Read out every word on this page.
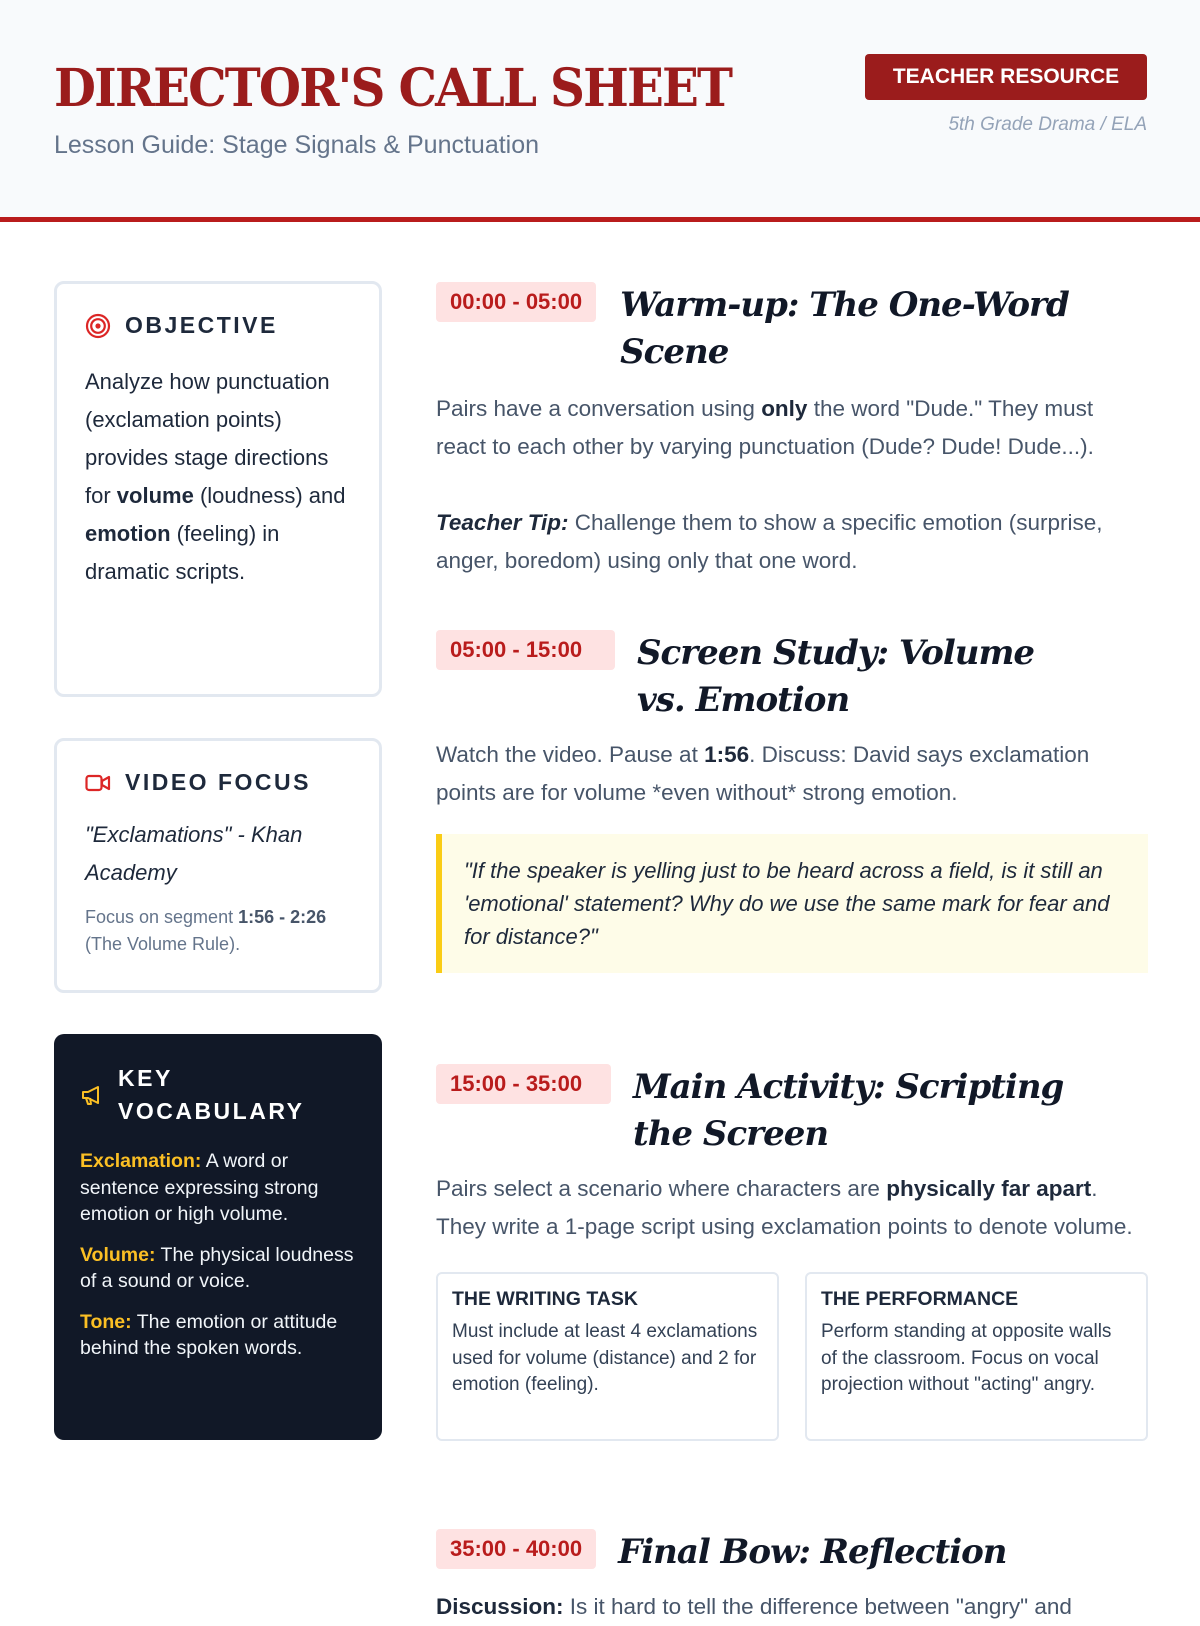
DIRECTOR'S CALL SHEET
Lesson Guide: Stage Signals & Punctuation
TEACHER RESOURCE
5th Grade Drama / ELA
OBJECTIVE
Analyze how punctuation (exclamation points) provides stage directions for volume (loudness) and emotion (feeling) in dramatic scripts.
VIDEO FOCUS
"Exclamations" - Khan Academy
Focus on segment 1:56 - 2:26 (The Volume Rule).
KEY VOCABULARY
Exclamation: A word or sentence expressing strong emotion or high volume.
Volume: The physical loudness of a sound or voice.
Tone: The emotion or attitude behind the spoken words.
00:00 - 05:00	Warm-up: The One-Word Scene
Pairs have a conversation using only the word "Dude." They must react to each other by varying punctuation (Dude? Dude! Dude...).
Teacher Tip: Challenge them to show a specific emotion (surprise, anger, boredom) using only that one word.
05:00 - 15:00	Screen Study: Volume vs. Emotion
Watch the video. Pause at 1:56. Discuss: David says exclamation points are for volume *even without* strong emotion.
"If the speaker is yelling just to be heard across a field, is it still an 'emotional' statement? Why do we use the same mark for fear and for distance?"
15:00 - 35:00	Main Activity: Scripting the Screen
Pairs select a scenario where characters are physically far apart. They write a 1-page script using exclamation points to denote volume.
THE WRITING TASK
Must include at least 4 exclamations used for volume (distance) and 2 for emotion (feeling).
THE PERFORMANCE
Perform standing at opposite walls of the classroom. Focus on vocal projection without "acting" angry.
35:00 - 40:00	Final Bow: Reflection
Discussion: Is it hard to tell the difference between "angry" and
